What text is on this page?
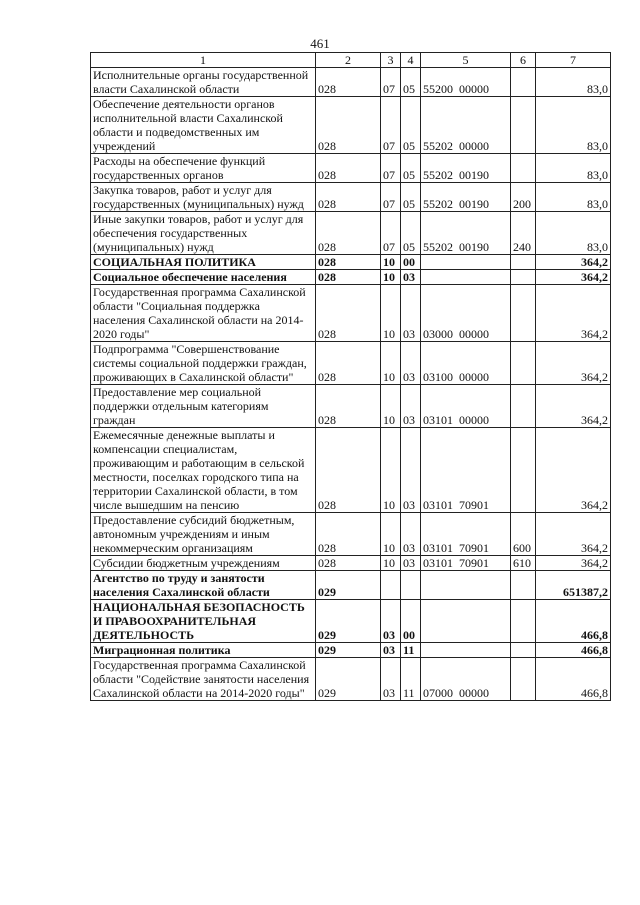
461
1	2	3	4	5	6	7
Исполнительные органы государственной власти Сахалинской области	028	07	05	55200  00000		83,0
Обеспечение деятельности органов исполнительной власти Сахалинской области и подведомственных им учреждений	028	07	05	55202  00000		83,0
Расходы на обеспечение функций государственных органов	028	07	05	55202  00190		83,0
Закупка товаров, работ и услуг для государственных (муниципальных) нужд	028	07	05	55202  00190	200	83,0
Иные закупки товаров, работ и услуг для обеспечения государственных (муниципальных) нужд	028	07	05	55202  00190	240	83,0
СОЦИАЛЬНАЯ ПОЛИТИКА	028	10	00			364,2
Социальное обеспечение населения	028	10	03			364,2
Государственная программа Сахалинской области "Социальная поддержка населения Сахалинской области на 2014-2020 годы"	028	10	03	03000  00000		364,2
Подпрограмма "Совершенствование системы социальной поддержки граждан, проживающих в Сахалинской области"	028	10	03	03100  00000		364,2
Предоставление мер социальной поддержки отдельным категориям граждан	028	10	03	03101  00000		364,2
Ежемесячные денежные выплаты и компенсации специалистам, проживающим и работающим в сельской местности, поселках городского типа на территории Сахалинской области, в том числе вышедшим на пенсию	028	10	03	03101  70901		364,2
Предоставление субсидий бюджетным, автономным учреждениям и иным некоммерческим организациям	028	10	03	03101  70901	600	364,2
Субсидии бюджетным учреждениям	028	10	03	03101  70901	610	364,2
Агентство по труду и занятости населения Сахалинской области	029					651387,2
НАЦИОНАЛЬНАЯ БЕЗОПАСНОСТЬ И ПРАВООХРАНИТЕЛЬНАЯ ДЕЯТЕЛЬНОСТЬ	029	03	00			466,8
Миграционная политика	029	03	11			466,8
Государственная программа Сахалинской области "Содействие занятости населения Сахалинской области на 2014-2020 годы"	029	03	11	07000  00000		466,8
